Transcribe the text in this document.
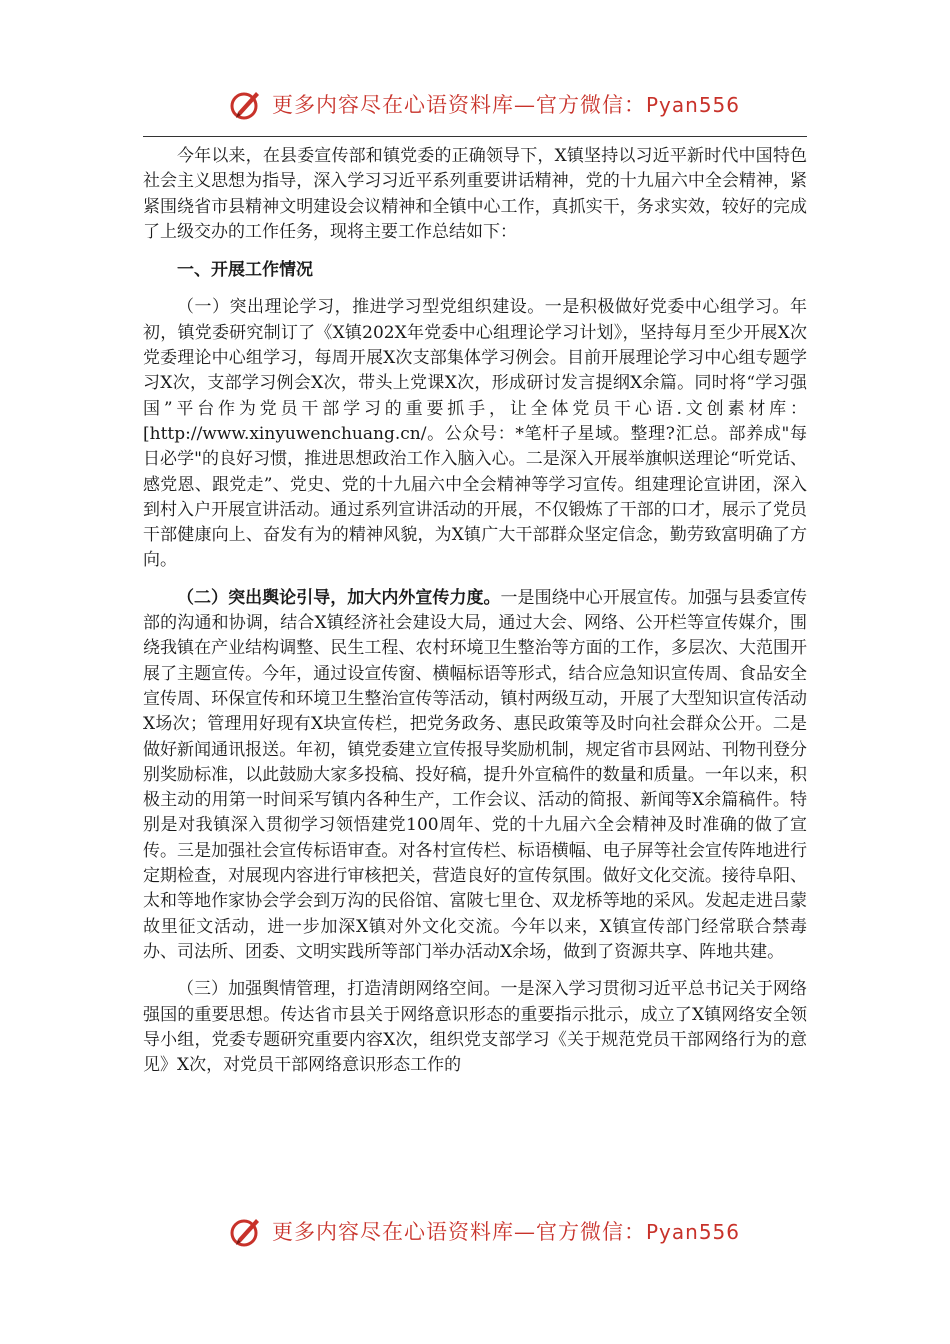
更多内容尽在心语资料库—官方微信：Pyan556

今年以来，在县委宣传部和镇党委的正确领导下，X镇坚持以习近平新时代中国特色社会主义思想为指导，深入学习习近平系列重要讲话精神，党的十九届六中全会精神，紧紧围绕省市县精神文明建设会议精神和全镇中心工作，真抓实干，务求实效，较好的完成了上级交办的工作任务，现将主要工作总结如下：

一、开展工作情况

（一）突出理论学习，推进学习型党组织建设。一是积极做好党委中心组学习。年初，镇党委研究制订了《X镇202X年党委中心组理论学习计划》，坚持每月至少开展X次党委理论中心组学习，每周开展X次支部集体学习例会。目前开展理论学习中心组专题学习X次，支部学习例会X次，带头上党课X次，形成研讨发言提纲X余篇。同时将“学习强国”平台作为党员干部学习的重要抓手，让全体党员干心语.文创素材库：[http://www.xinyuwenchuang.cn/。公众号：*笔杆子星域。整理?汇总。部养成"每日必学"的良好习惯，推进思想政治工作入脑入心。二是深入开展举旗帜送理论“听党话、感党恩、跟党走”、党史、党的十九届六中全会精神等学习宣传。组建理论宣讲团，深入到村入户开展宣讲活动。通过系列宣讲活动的开展，不仅锻炼了干部的口才，展示了党员干部健康向上、奋发有为的精神风貌，为X镇广大干部群众坚定信念，勤劳致富明确了方向。

（二）突出舆论引导，加大内外宣传力度。一是围绕中心开展宣传。加强与县委宣传部的沟通和协调，结合X镇经济社会建设大局，通过大会、网络、公开栏等宣传媒介，围绕我镇在产业结构调整、民生工程、农村环境卫生整治等方面的工作，多层次、大范围开展了主题宣传。今年，通过设宣传窗、横幅标语等形式，结合应急知识宣传周、食品安全宣传周、环保宣传和环境卫生整治宣传等活动，镇村两级互动，开展了大型知识宣传活动X场次；管理用好现有X块宣传栏，把党务政务、惠民政策等及时向社会群众公开。二是做好新闻通讯报送。年初，镇党委建立宣传报导奖励机制，规定省市县网站、刊物刊登分别奖励标准，以此鼓励大家多投稿、投好稿，提升外宣稿件的数量和质量。一年以来，积极主动的用第一时间采写镇内各种生产，工作会议、活动的简报、新闻等X余篇稿件。特别是对我镇深入贯彻学习领悟建党100周年、党的十九届六全会精神及时准确的做了宣传。三是加强社会宣传标语审查。对各村宣传栏、标语横幅、电子屏等社会宣传阵地进行定期检查，对展现内容进行审核把关，营造良好的宣传氛围。做好文化交流。接待阜阳、太和等地作家协会学会到万沟的民俗馆、富陂七里仓、双龙桥等地的采风。发起走进吕蒙故里征文活动，进一步加深X镇对外文化交流。今年以来，X镇宣传部门经常联合禁毒办、司法所、团委、文明实践所等部门举办活动X余场，做到了资源共享、阵地共建。

（三）加强舆情管理，打造清朗网络空间。一是深入学习贯彻习近平总书记关于网络强国的重要思想。传达省市县关于网络意识形态的重要指示批示，成立了X镇网络安全领导小组，党委专题研究重要内容X次，组织党支部学习《关于规范党员干部网络行为的意见》X次，对党员干部网络意识形态工作的

更多内容尽在心语资料库—官方微信：Pyan556
